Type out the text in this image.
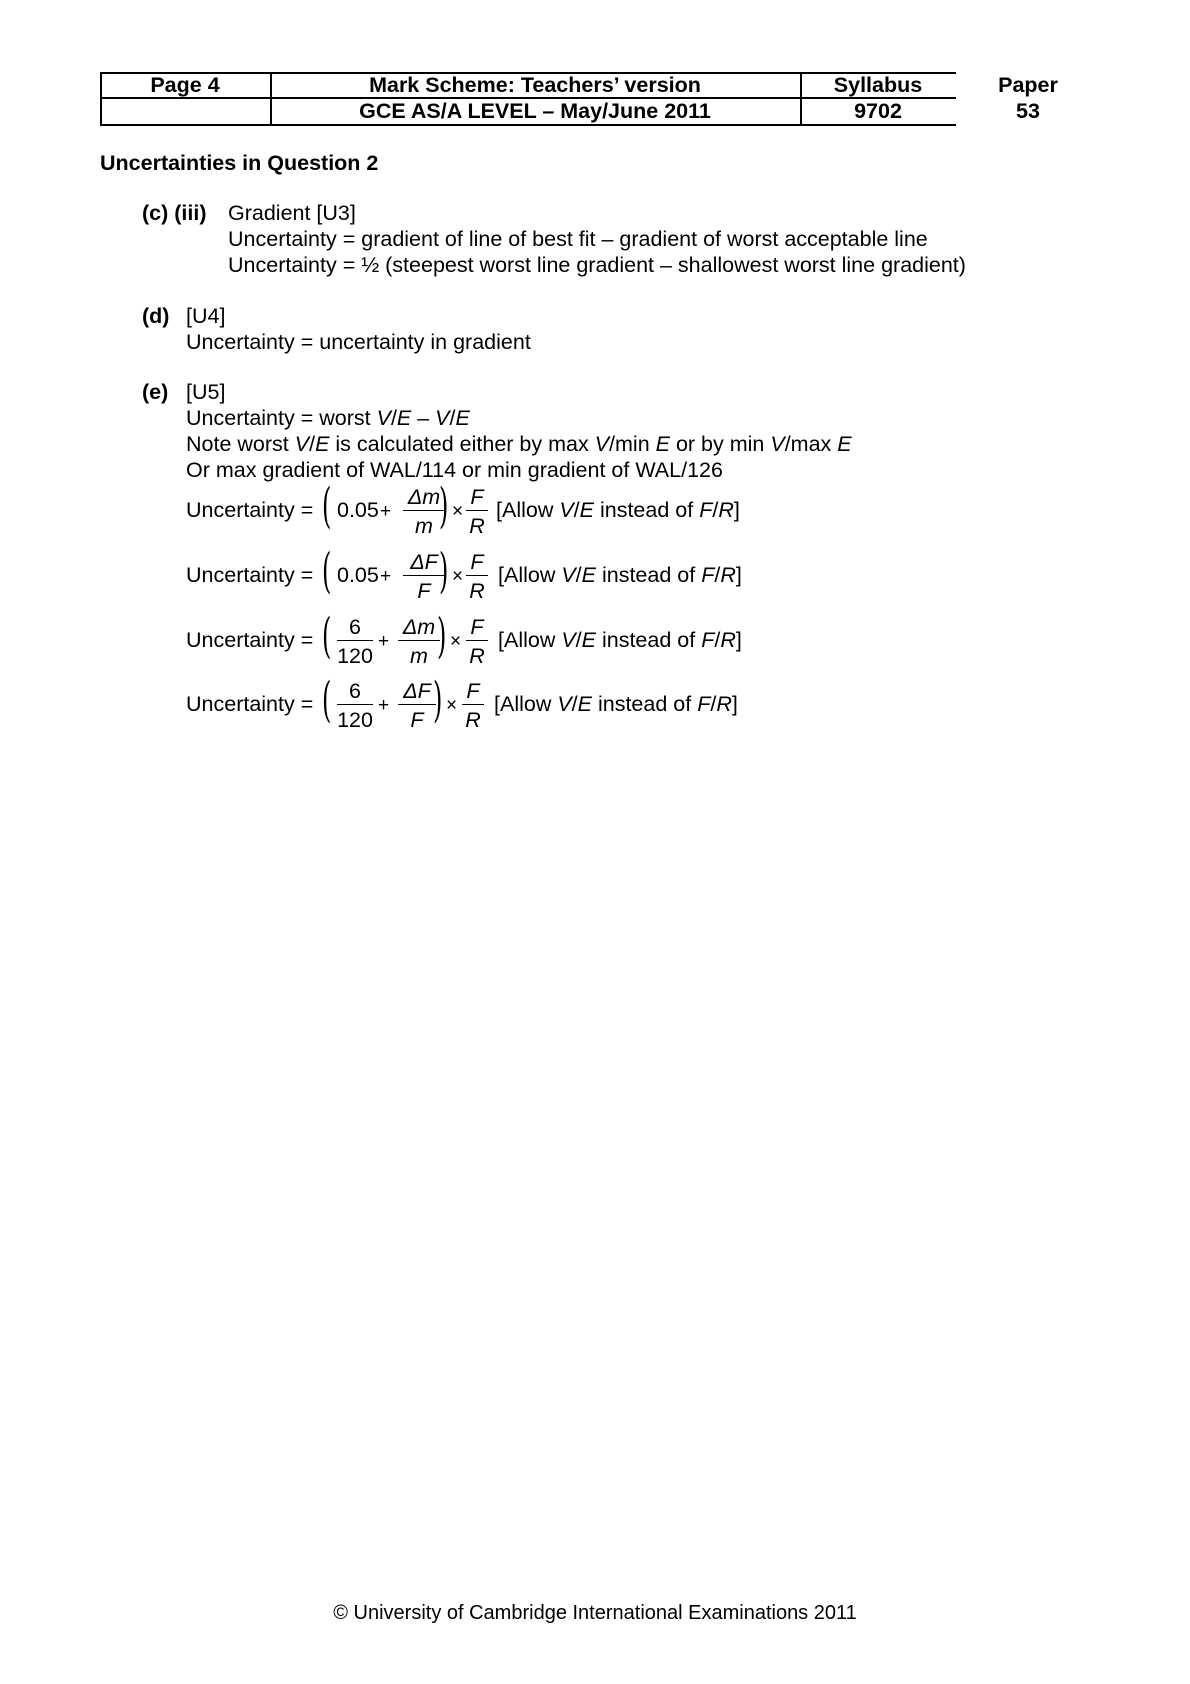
Page 4	Mark Scheme: Teachers’ version
GCE AS/A LEVEL – May/June 2011
Syllabus
9702
Paper
53
Uncertainties in Question 2
(c) (iii) Gradient [U3]
Uncertainty = gradient of line of best fit – gradient of worst acceptable line
Uncertainty = ½ (steepest worst line gradient – shallowest worst line gradient)
(d) [U4]
Uncertainty = uncertainty in gradient
(e) [U5]
Uncertainty = worst V/E – V/E
Note worst V/E is calculated either by max V/min E or by min V/max E
Or max gradient of WAL/114 or min gradient of WAL/126
Uncertainty = ( 0.05 +
Δm
m ) ×
F
R
[Allow V/E instead of F/R]
Uncertainty = ( 0.05 +
ΔF
F ) ×
F
R
[Allow V/E instead of F/R]
Uncertainty = ( 6
120
+
Δm
m ) ×
F
R
[Allow V/E instead of F/R]
Uncertainty = ( 6
120
+
ΔF
F ) ×
F
R
[Allow V/E instead of F/R]
© University of Cambridge International Examinations 2011
